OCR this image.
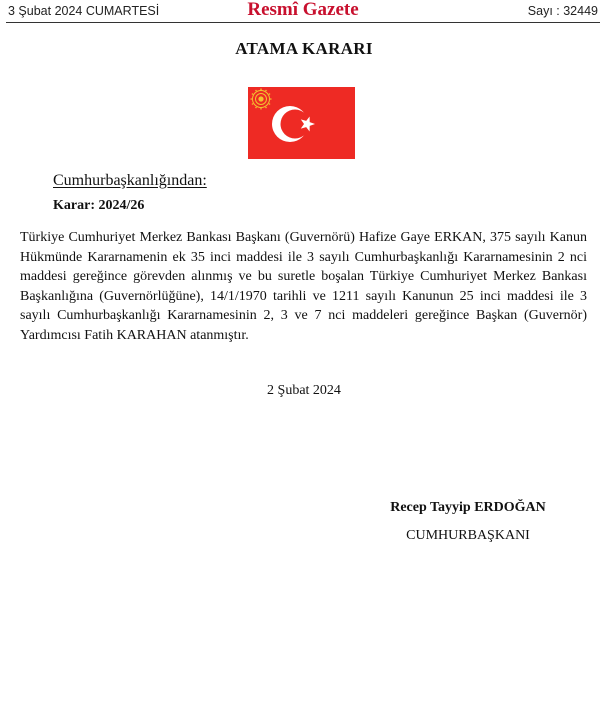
3 Şubat 2024 CUMARTESİ	Resmî Gazete	Sayı : 32449
ATAMA KARARI
Cumhurbaşkanlığından:
Karar: 2024/26

Türkiye Cumhuriyet Merkez Bankası Başkanı (Guvernörü) Hafize Gaye ERKAN, 375 sayılı Kanun Hükmünde Kararnamenin ek 35 inci maddesi ile 3 sayılı Cumhurbaşkanlığı Kararnamesinin 2 nci maddesi gereğince görevden alınmış ve bu suretle boşalan Türkiye Cumhuriyet Merkez Bankası Başkanlığına (Guvernörlüğüne), 14/1/1970 tarihli ve 1211 sayılı Kanunun 25 inci maddesi ile 3 sayılı Cumhurbaşkanlığı Kararnamesinin 2, 3 ve 7 nci maddeleri gereğince Başkan (Guvernör) Yardımcısı Fatih KARAHAN atanmıştır.

2 Şubat 2024
Recep Tayyip ERDOĞAN
CUMHURBAŞKANI
